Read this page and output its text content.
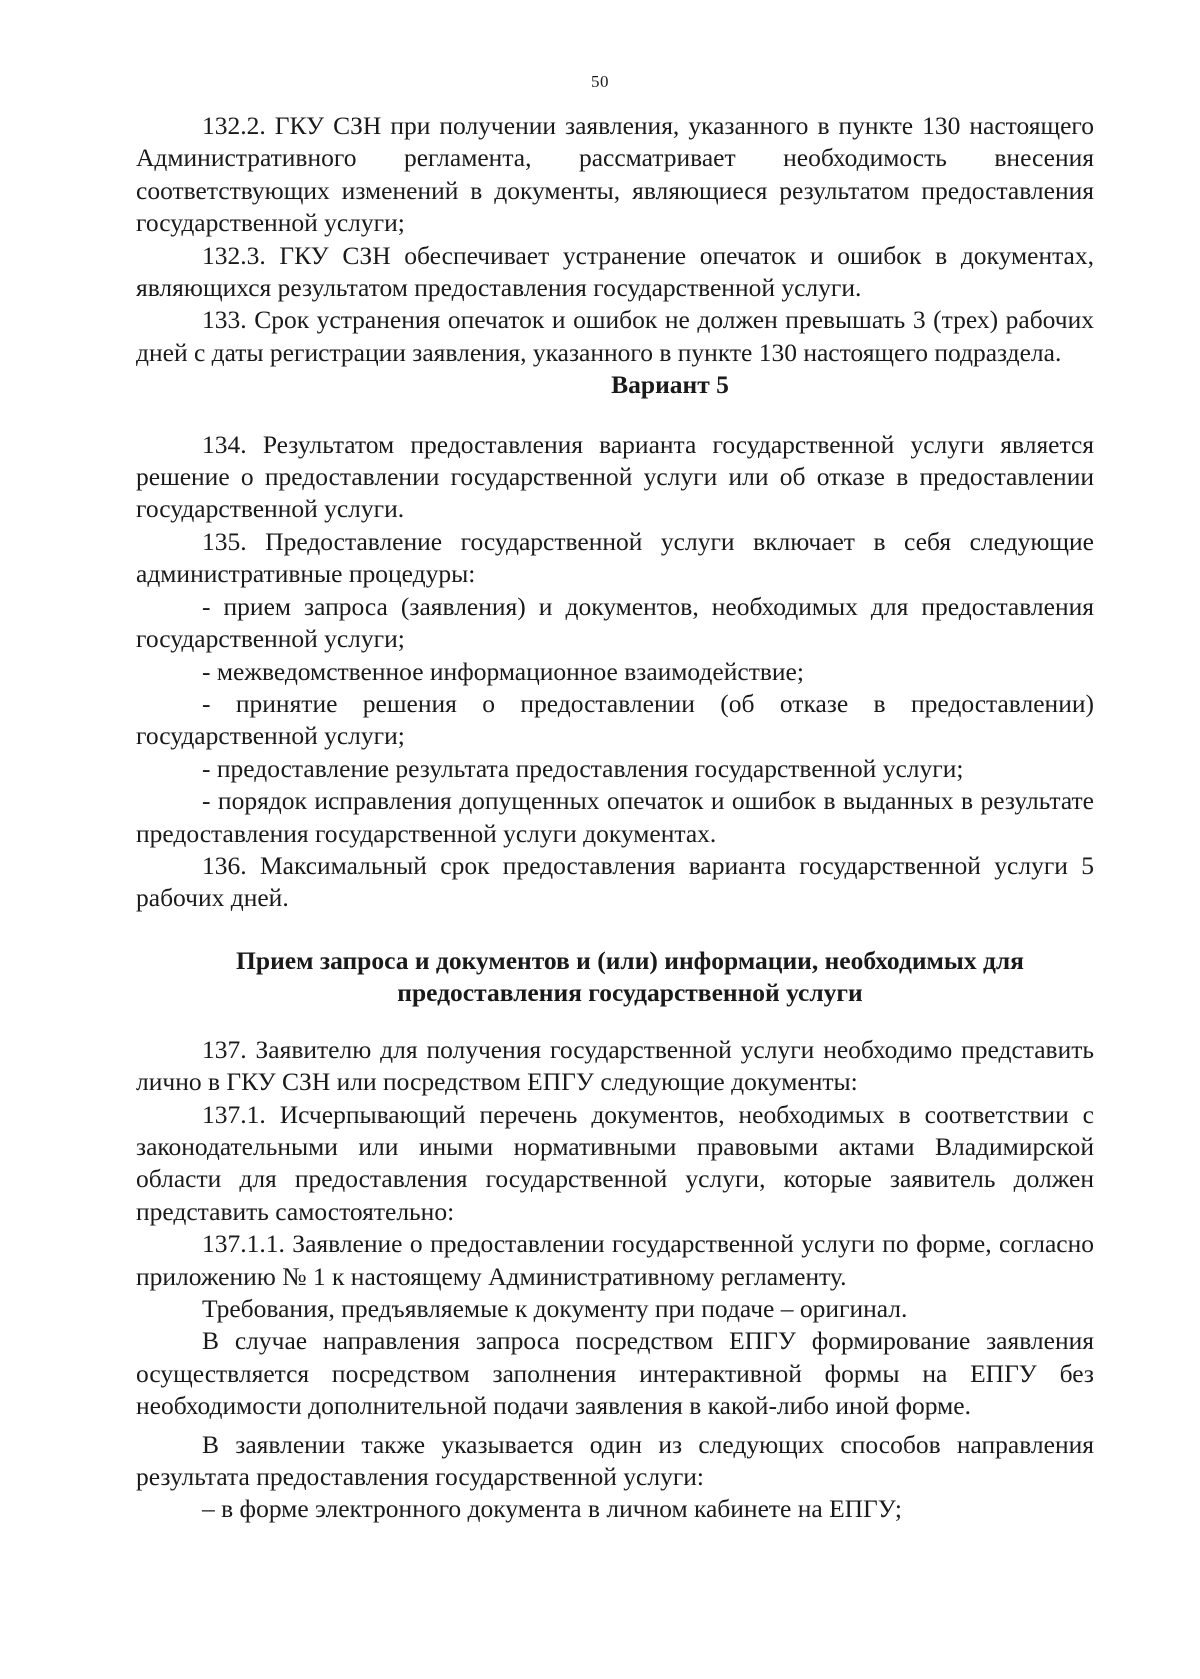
50

132.2. ГКУ СЗН при получении заявления, указанного в пункте 130 настоящего Административного регламента, рассматривает необходимость внесения соответствующих изменений в документы, являющиеся результатом предоставления государственной услуги;

132.3. ГКУ СЗН обеспечивает устранение опечаток и ошибок в документах, являющихся результатом предоставления государственной услуги.

133. Срок устранения опечаток и ошибок не должен превышать 3 (трех) рабочих дней с даты регистрации заявления, указанного в пункте 130 настоящего подраздела.

Вариант 5

134. Результатом предоставления варианта государственной услуги является решение о предоставлении государственной услуги или об отказе в предоставлении государственной услуги.

135. Предоставление государственной услуги включает в себя следующие административные процедуры:

- прием запроса (заявления) и документов, необходимых для предоставления государственной услуги;

- межведомственное информационное взаимодействие;

- принятие решения о предоставлении (об отказе в предоставлении) государственной услуги;

- предоставление результата предоставления государственной услуги;

- порядок исправления допущенных опечаток и ошибок в выданных в результате предоставления государственной услуги документах.

136. Максимальный срок предоставления варианта государственной услуги 5 рабочих дней.

Прием запроса и документов и (или) информации, необходимых для
предоставления государственной услуги

137. Заявителю для получения государственной услуги необходимо представить лично в ГКУ СЗН или посредством ЕПГУ следующие документы:

137.1. Исчерпывающий перечень документов, необходимых в соответствии с законодательными или иными нормативными правовыми актами Владимирской области для предоставления государственной услуги, которые заявитель должен представить самостоятельно:

137.1.1. Заявление о предоставлении государственной услуги по форме, согласно приложению № 1 к настоящему Административному регламенту.

Требования, предъявляемые к документу при подаче – оригинал.

В случае направления запроса посредством ЕПГУ формирование заявления осуществляется посредством заполнения интерактивной формы на ЕПГУ без необходимости дополнительной подачи заявления в какой-либо иной форме.

В заявлении также указывается один из следующих способов направления результата предоставления государственной услуги:

– в форме электронного документа в личном кабинете на ЕПГУ;
